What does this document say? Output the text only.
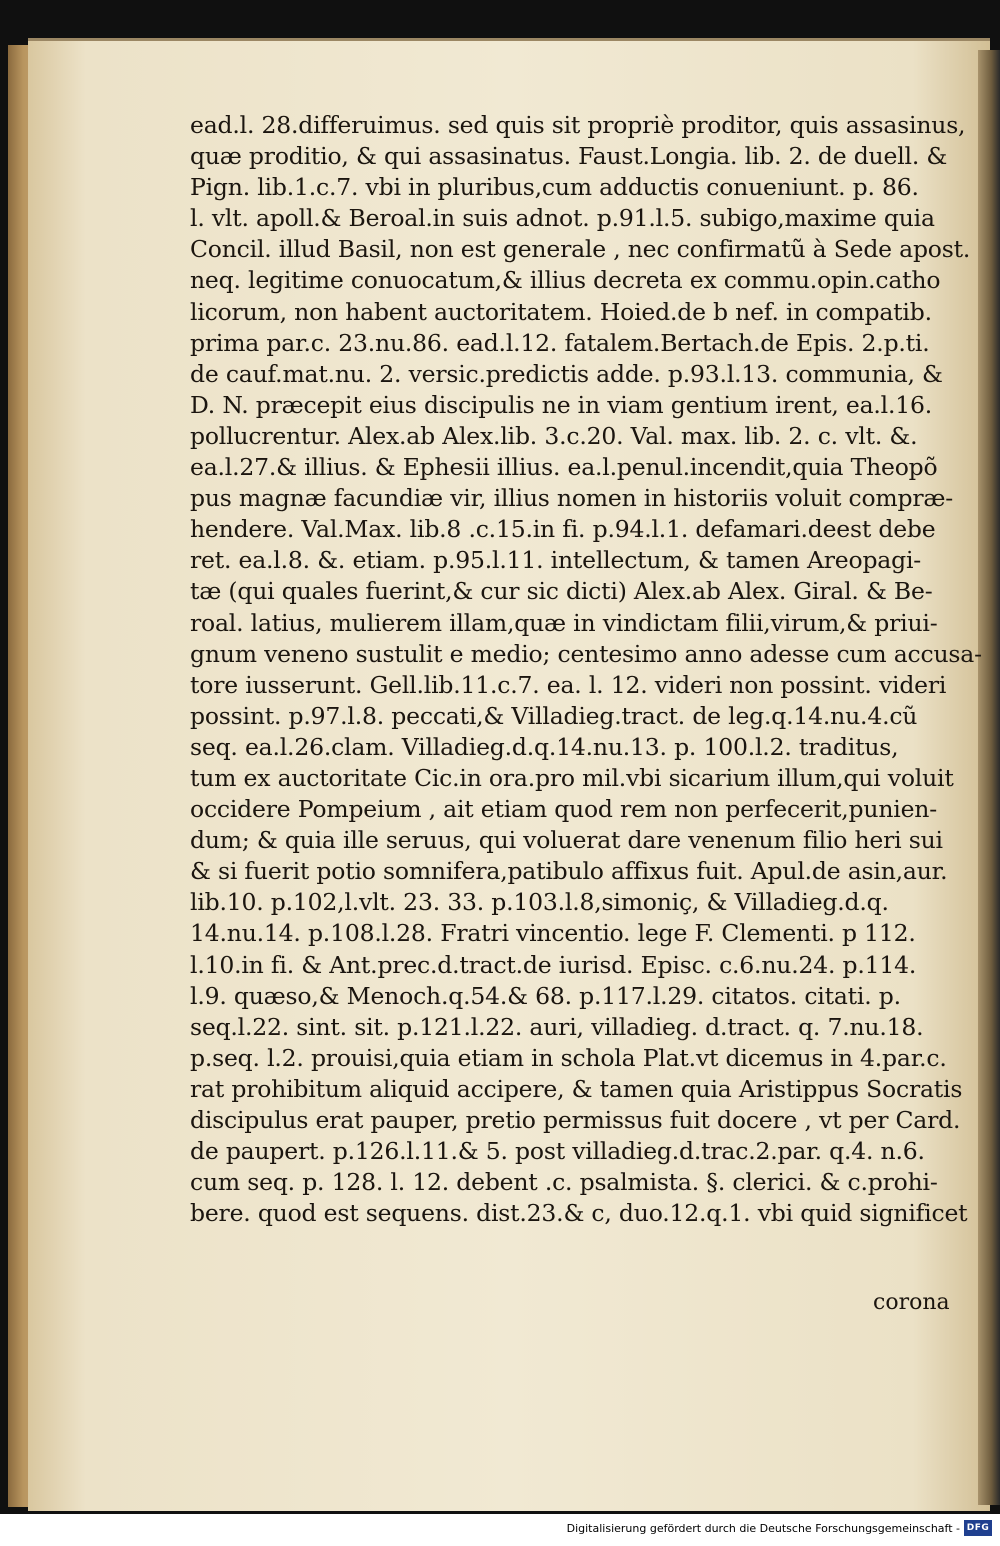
ead.l. 28.differuimus. sed quis sit propriè proditor, quis assasinus,
quæ proditio, & qui assasinatus. Faust.Longia. lib. 2. de duell. &
Pign. lib.1.c.7. vbi in pluribus,cum adductis conueniunt. p. 86.
l. vlt. apoll.& Beroal.in suis adnot. p.91.l.5. subigo,maxime quia
Concil. illud Basil, non est generale , nec confirmatũ à Sede apost.
neq. legitime conuocatum,& illius decreta ex commu.opin.catho
licorum, non habent auctoritatem. Hoied.de b nef. in compatib.
prima par.c. 23.nu.86. ead.l.12. fatalem.Bertach.de Epis. 2.p.ti.
de cauf.mat.nu. 2. versic.predictis adde. p.93.l.13. communia, &
D. N. præcepit eius discipulis ne in viam gentium irent, ea.l.16.
pollucrentur. Alex.ab Alex.lib. 3.c.20. Val. max. lib. 2. c. vlt. &.
ea.l.27.& illius. & Ephesii illius. ea.l.penul.incendit,quia Theopõ
pus magnæ facundiæ vir, illius nomen in historiis voluit compræ-
hendere. Val.Max. lib.8 .c.15.in fi. p.94.l.1. defamari.deest debe
ret. ea.l.8. &. etiam. p.95.l.11. intellectum, & tamen Areopagi-
tæ (qui quales fuerint,& cur sic dicti) Alex.ab Alex. Giral. & Be-
roal. latius, mulierem illam,quæ in vindictam filii,virum,& priui-
gnum veneno sustulit e medio; centesimo anno adesse cum accusa-
tore iusserunt. Gell.lib.11.c.7. ea. l. 12. videri non possint. videri
possint. p.97.l.8. peccati,& Villadieg.tract. de leg.q.14.nu.4.cũ
seq. ea.l.26.clam. Villadieg.d.q.14.nu.13. p. 100.l.2. traditus,
tum ex auctoritate Cic.in ora.pro mil.vbi sicarium illum,qui voluit
occidere Pompeium , ait etiam quod rem non perfecerit,punien-
dum; & quia ille seruus, qui voluerat dare venenum filio heri sui
& si fuerit potio somnifera,patibulo affixus fuit. Apul.de asin,aur.
lib.10. p.102,l.vlt. 23. 33. p.103.l.8,simoniç, & Villadieg.d.q.
14.nu.14. p.108.l.28. Fratri vincentio. lege F. Clementi. p 112.
l.10.in fi. & Ant.prec.d.tract.de iurisd. Episc. c.6.nu.24. p.114.
l.9. quæso,& Menoch.q.54.& 68. p.117.l.29. citatos. citati. p.
seq.l.22. sint. sit. p.121.l.22. auri, villadieg. d.tract. q. 7.nu.18.
p.seq. l.2. prouisi,quia etiam in schola Plat.vt dicemus in 4.par.c.
rat prohibitum aliquid accipere, & tamen quia Aristippus Socratis
discipulus erat pauper, pretio permissus fuit docere , vt per Card.
de paupert. p.126.l.11.& 5. post villadieg.d.trac.2.par. q.4. n.6.
cum seq. p. 128. l. 12. debent .c. psalmista. §. clerici. & c.prohi-
bere. quod est sequens. dist.23.& c, duo.12.q.1. vbi quid significet
corona
Digitalisierung gefördert durch die Deutsche Forschungsgemeinschaft - DFG
